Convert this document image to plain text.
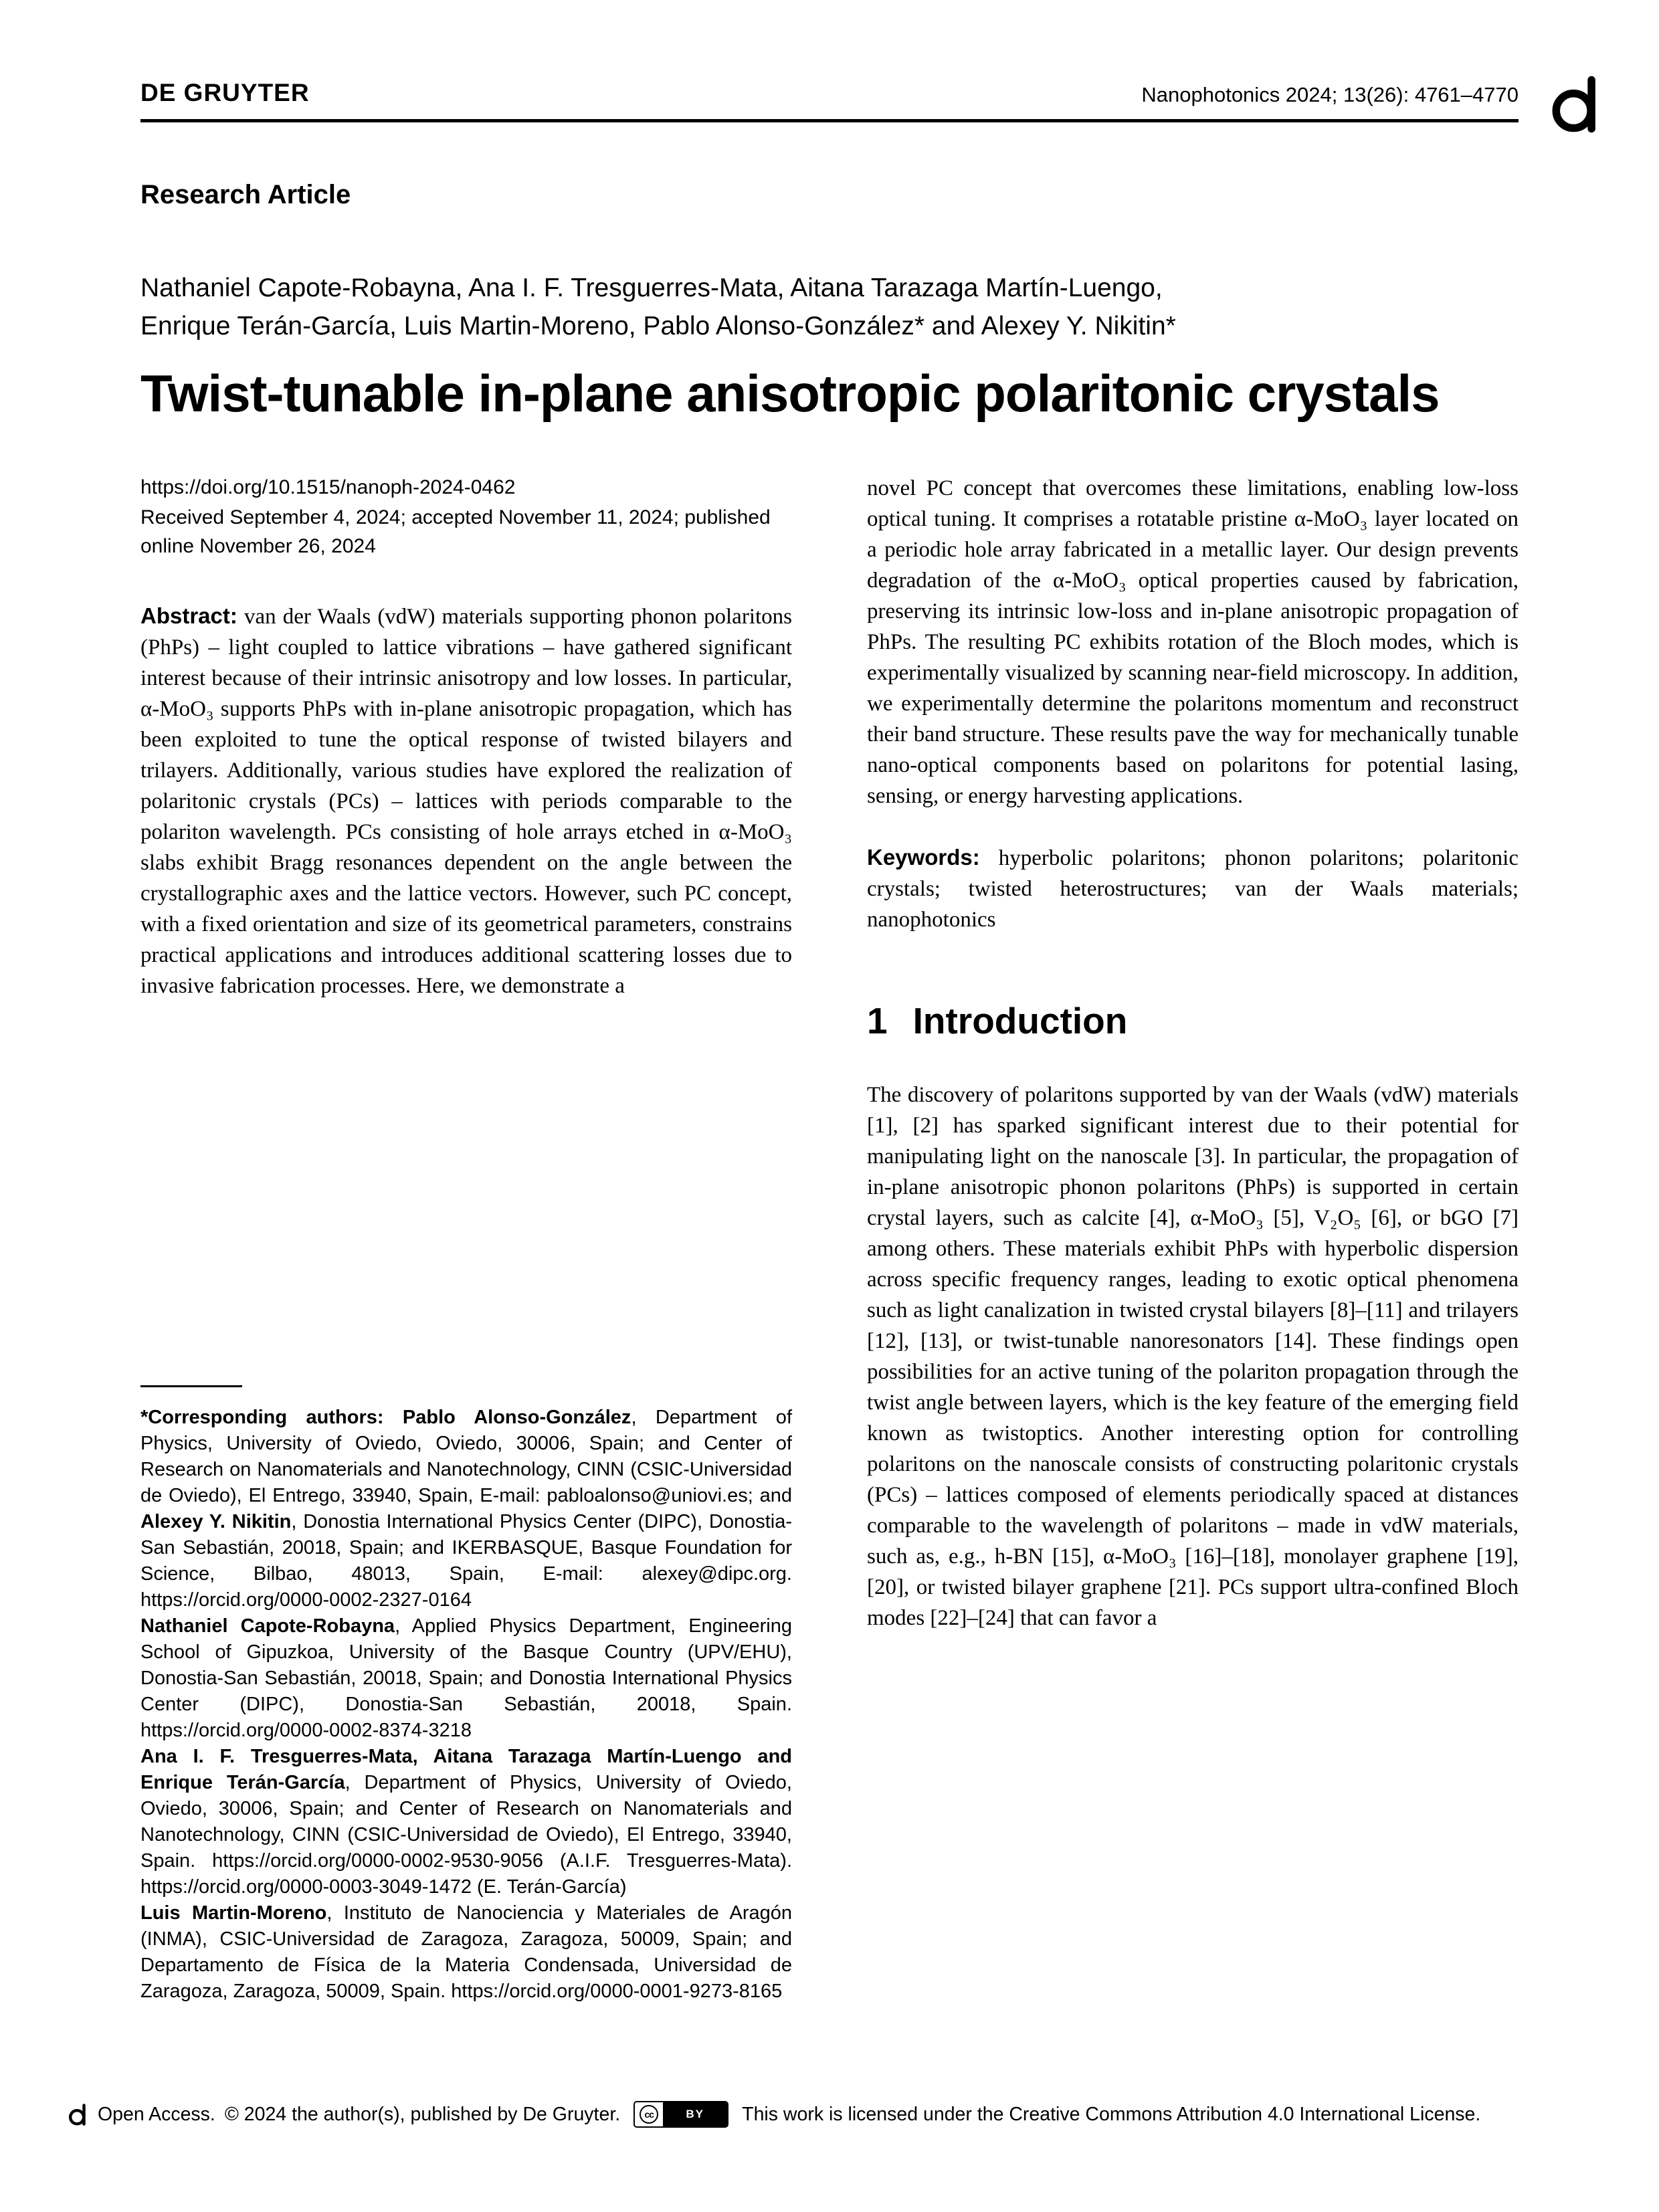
DE GRUYTER	Nanophotonics 2024; 13(26): 4761–4770
Research Article
Nathaniel Capote-Robayna, Ana I. F. Tresguerres-Mata, Aitana Tarazaga Martín-Luengo,
Enrique Terán-García, Luis Martin-Moreno, Pablo Alonso-González* and Alexey Y. Nikitin*
Twist-tunable in-plane anisotropic polaritonic crystals

https://doi.org/10.1515/nanoph-2024-0462

Received September 4, 2024; accepted November 11, 2024; published online November 26, 2024

Abstract: van der Waals (vdW) materials supporting phonon polaritons (PhPs) – light coupled to lattice vibrations – have gathered significant interest because of their intrinsic anisotropy and low losses. In particular, α-MoO₃ supports PhPs with in-plane anisotropic propagation, which has been exploited to tune the optical response of twisted bilayers and trilayers. Additionally, various studies have explored the realization of polaritonic crystals (PCs) – lattices with periods comparable to the polariton wavelength. PCs consisting of hole arrays etched in α-MoO₃ slabs exhibit Bragg resonances dependent on the angle between the crystallographic axes and the lattice vectors. However, such PC concept, with a fixed orientation and size of its geometrical parameters, constrains practical applications and introduces additional scattering losses due to invasive fabrication processes. Here, we demonstrate a

*Corresponding authors: Pablo Alonso-González, Department of Physics, University of Oviedo, Oviedo, 30006, Spain; and Center of Research on Nanomaterials and Nanotechnology, CINN (CSIC-Universidad de Oviedo), El Entrego, 33940, Spain, E-mail: pabloalonso@uniovi.es; and Alexey Y. Nikitin, Donostia International Physics Center (DIPC), Donostia-San Sebastián, 20018, Spain; and IKERBASQUE, Basque Foundation for Science, Bilbao, 48013, Spain, E-mail: alexey@dipc.org. https://orcid.org/0000-0002-2327-0164

Nathaniel Capote-Robayna, Applied Physics Department, Engineering School of Gipuzkoa, University of the Basque Country (UPV/EHU), Donostia-San Sebastián, 20018, Spain; and Donostia International Physics Center (DIPC), Donostia-San Sebastián, 20018, Spain. https://orcid.org/0000-0002-8374-3218

Ana I. F. Tresguerres-Mata, Aitana Tarazaga Martín-Luengo and Enrique Terán-García, Department of Physics, University of Oviedo, Oviedo, 30006, Spain; and Center of Research on Nanomaterials and Nanotechnology, CINN (CSIC-Universidad de Oviedo), El Entrego, 33940, Spain. https://orcid.org/0000-0002-9530-9056 (A.I.F. Tresguerres-Mata). https://orcid.org/0000-0003-3049-1472 (E. Terán-García)

Luis Martin-Moreno, Instituto de Nanociencia y Materiales de Aragón (INMA), CSIC-Universidad de Zaragoza, Zaragoza, 50009, Spain; and Departamento de Física de la Materia Condensada, Universidad de Zaragoza, Zaragoza, 50009, Spain. https://orcid.org/0000-0001-9273-8165

novel PC concept that overcomes these limitations, enabling low-loss optical tuning. It comprises a rotatable pristine α-MoO₃ layer located on a periodic hole array fabricated in a metallic layer. Our design prevents degradation of the α-MoO₃ optical properties caused by fabrication, preserving its intrinsic low-loss and in-plane anisotropic propagation of PhPs. The resulting PC exhibits rotation of the Bloch modes, which is experimentally visualized by scanning near-field microscopy. In addition, we experimentally determine the polaritons momentum and reconstruct their band structure. These results pave the way for mechanically tunable nano-optical components based on polaritons for potential lasing, sensing, or energy harvesting applications.

Keywords: hyperbolic polaritons; phonon polaritons; polaritonic crystals; twisted heterostructures; van der Waals materials; nanophotonics

1 Introduction

The discovery of polaritons supported by van der Waals (vdW) materials [1], [2] has sparked significant interest due to their potential for manipulating light on the nanoscale [3]. In particular, the propagation of in-plane anisotropic phonon polaritons (PhPs) is supported in certain crystal layers, such as calcite [4], α-MoO₃ [5], V₂O₅ [6], or bGO [7] among others. These materials exhibit PhPs with hyperbolic dispersion across specific frequency ranges, leading to exotic optical phenomena such as light canalization in twisted crystal bilayers [8]–[11] and trilayers [12], [13], or twist-tunable nanoresonators [14]. These findings open possibilities for an active tuning of the polariton propagation through the twist angle between layers, which is the key feature of the emerging field known as twistoptics. Another interesting option for controlling polaritons on the nanoscale consists of constructing polaritonic crystals (PCs) – lattices composed of elements periodically spaced at distances comparable to the wavelength of polaritons – made in vdW materials, such as, e.g., h-BN [15], α-MoO₃ [16]–[18], monolayer graphene [19], [20], or twisted bilayer graphene [21]. PCs support ultra-confined Bloch modes [22]–[24] that can favor a

Open Access. © 2024 the author(s), published by De Gruyter.	cc	BY	This work is licensed under the Creative Commons Attribution 4.0 International License.
